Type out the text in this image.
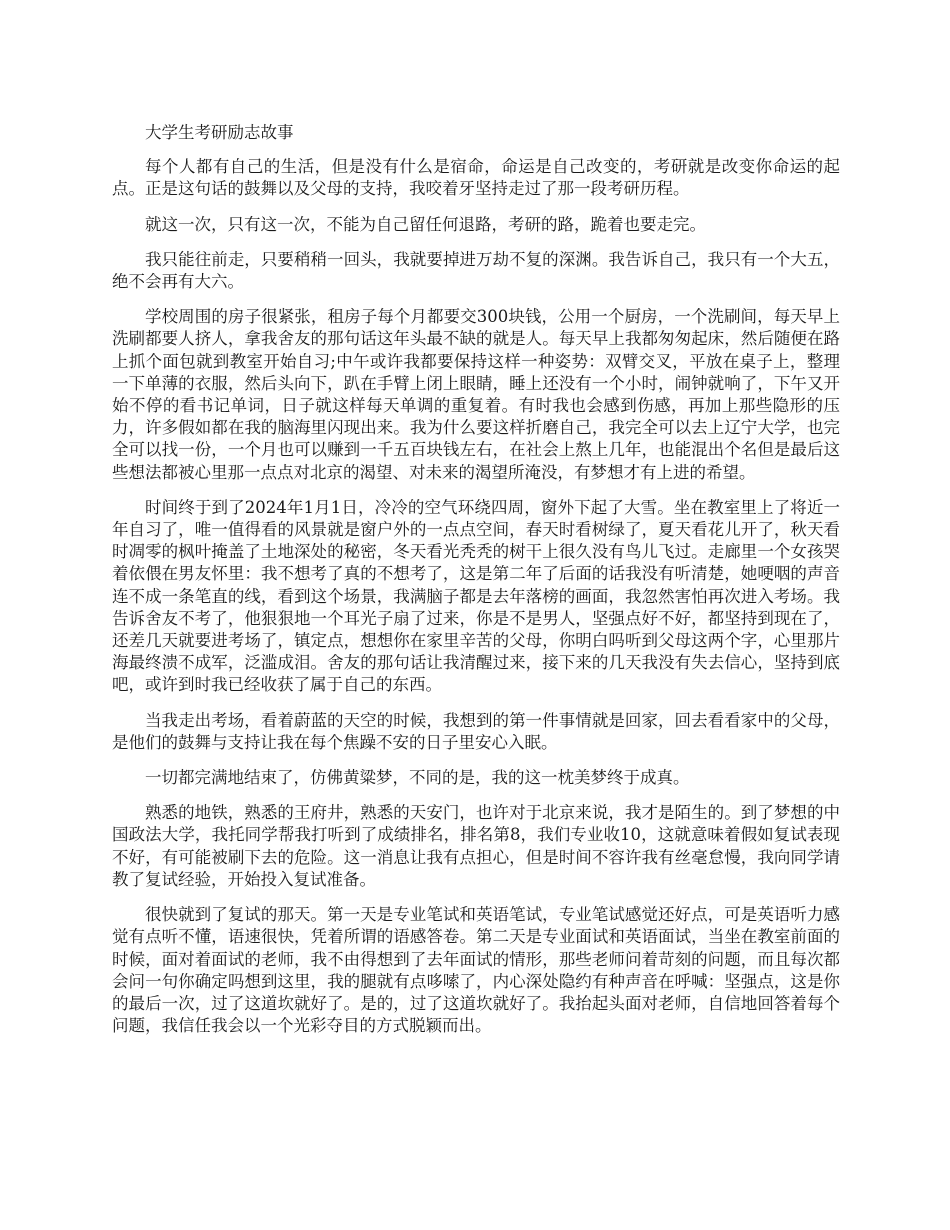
大学生考研励志故事

每个人都有自己的生活，但是没有什么是宿命，命运是自己改变的，考研就是改变你命运的起点。正是这句话的鼓舞以及父母的支持，我咬着牙坚持走过了那一段考研历程。

就这一次，只有这一次，不能为自己留任何退路，考研的路，跪着也要走完。

我只能往前走，只要稍稍一回头，我就要掉进万劫不复的深渊。我告诉自己，我只有一个大五，绝不会再有大六。

学校周围的房子很紧张，租房子每个月都要交300块钱，公用一个厨房，一个洗刷间，每天早上洗刷都要人挤人，拿我舍友的那句话这年头最不缺的就是人。每天早上我都匆匆起床，然后随便在路上抓个面包就到教室开始自习;中午或许我都要保持这样一种姿势：双臂交叉，平放在桌子上，整理一下单薄的衣服，然后头向下，趴在手臂上闭上眼睛，睡上还没有一个小时，闹钟就响了，下午又开始不停的看书记单词，日子就这样每天单调的重复着。有时我也会感到伤感，再加上那些隐形的压力，许多假如都在我的脑海里闪现出来。我为什么要这样折磨自己，我完全可以去上辽宁大学，也完全可以找一份，一个月也可以赚到一千五百块钱左右，在社会上熬上几年，也能混出个名但是最后这些想法都被心里那一点点对北京的渴望、对未来的渴望所淹没，有梦想才有上进的希望。

时间终于到了2024年1月1日，冷冷的空气环绕四周，窗外下起了大雪。坐在教室里上了将近一年自习了，唯一值得看的风景就是窗户外的一点点空间，春天时看树绿了，夏天看花儿开了，秋天看时凋零的枫叶掩盖了土地深处的秘密，冬天看光秃秃的树干上很久没有鸟儿飞过。走廊里一个女孩哭着依偎在男友怀里：我不想考了真的不想考了，这是第二年了后面的话我没有听清楚，她哽咽的声音连不成一条笔直的线，看到这个场景，我满脑子都是去年落榜的画面，我忽然害怕再次进入考场。我告诉舍友不考了，他狠狠地一个耳光子扇了过来，你是不是男人，坚强点好不好，都坚持到现在了，还差几天就要进考场了，镇定点，想想你在家里辛苦的父母，你明白吗听到父母这两个字，心里那片海最终溃不成军，泛滥成泪。舍友的那句话让我清醒过来，接下来的几天我没有失去信心，坚持到底吧，或许到时我已经收获了属于自己的东西。

当我走出考场，看着蔚蓝的天空的时候，我想到的第一件事情就是回家，回去看看家中的父母，是他们的鼓舞与支持让我在每个焦躁不安的日子里安心入眠。

一切都完满地结束了，仿佛黄粱梦，不同的是，我的这一枕美梦终于成真。

熟悉的地铁，熟悉的王府井，熟悉的天安门，也许对于北京来说，我才是陌生的。到了梦想的中国政法大学，我托同学帮我打听到了成绩排名，排名第8，我们专业收10，这就意味着假如复试表现不好，有可能被刷下去的危险。这一消息让我有点担心，但是时间不容许我有丝毫怠慢，我向同学请教了复试经验，开始投入复试准备。

很快就到了复试的那天。第一天是专业笔试和英语笔试，专业笔试感觉还好点，可是英语听力感觉有点听不懂，语速很快，凭着所谓的语感答卷。第二天是专业面试和英语面试，当坐在教室前面的时候，面对着面试的老师，我不由得想到了去年面试的情形，那些老师问着苛刻的问题，而且每次都会问一句你确定吗想到这里，我的腿就有点哆嗦了，内心深处隐约有种声音在呼喊：坚强点，这是你的最后一次，过了这道坎就好了。是的，过了这道坎就好了。我抬起头面对老师，自信地回答着每个问题，我信任我会以一个光彩夺目的方式脱颖而出。
